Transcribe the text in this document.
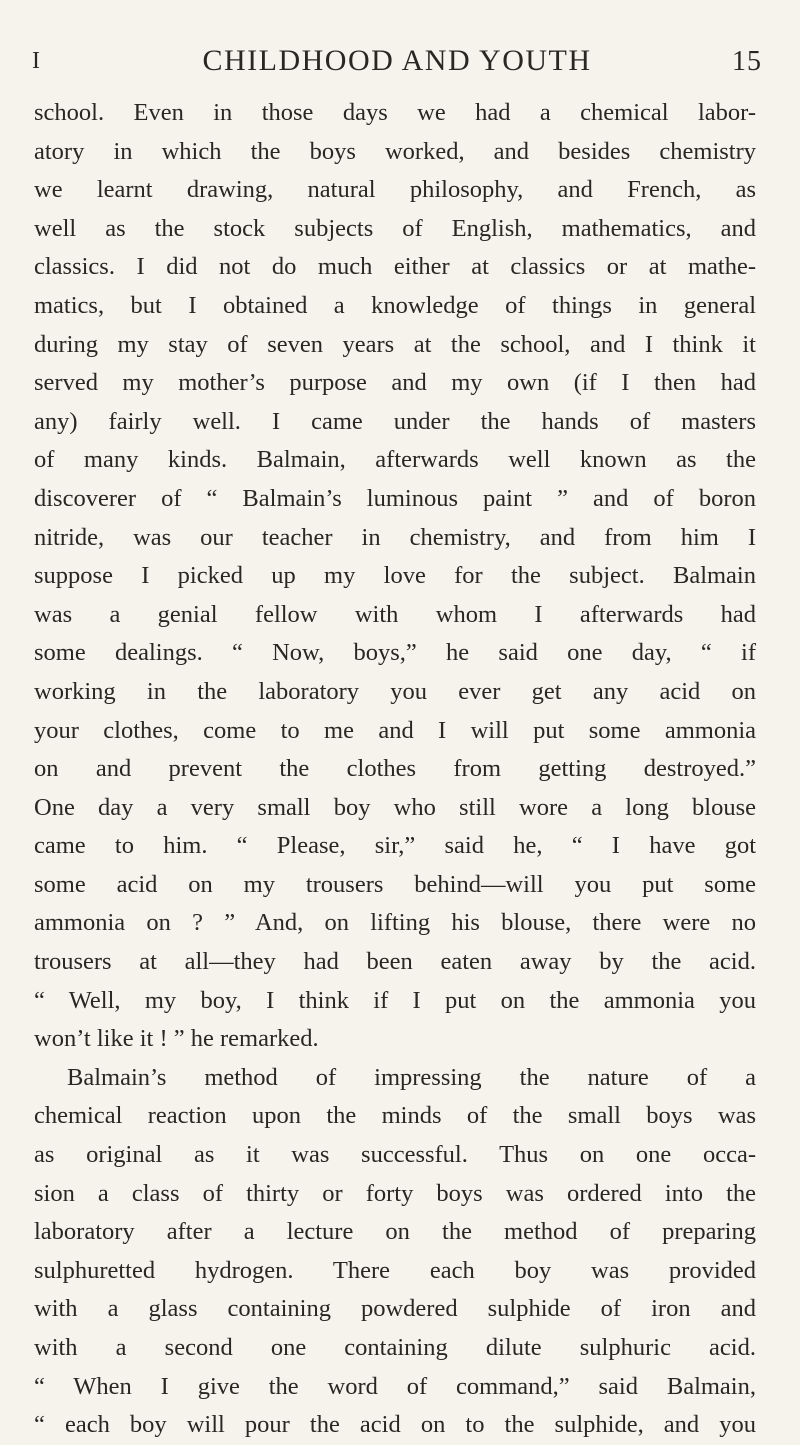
I	CHILDHOOD AND YOUTH	15
school. Even in those days we had a chemical labor-
atory in which the boys worked, and besides chemistry
we learnt drawing, natural philosophy, and French, as
well as the stock subjects of English, mathematics, and
classics. I did not do much either at classics or at mathe-
matics, but I obtained a knowledge of things in general
during my stay of seven years at the school, and I think it
served my mother’s purpose and my own (if I then had
any) fairly well. I came under the hands of masters
of many kinds. Balmain, afterwards well known as the
discoverer of “ Balmain’s luminous paint ” and of boron
nitride, was our teacher in chemistry, and from him I
suppose I picked up my love for the subject. Balmain
was a genial fellow with whom I afterwards had
some dealings. “ Now, boys,” he said one day, “ if
working in the laboratory you ever get any acid on
your clothes, come to me and I will put some ammonia
on and prevent the clothes from getting destroyed.”
One day a very small boy who still wore a long blouse
came to him. “ Please, sir,” said he, “ I have got
some acid on my trousers behind—will you put some
ammonia on ? ” And, on lifting his blouse, there were no
trousers at all—they had been eaten away by the acid.
“ Well, my boy, I think if I put on the ammonia you
won’t like it ! ” he remarked.
Balmain’s method of impressing the nature of a
chemical reaction upon the minds of the small boys was
as original as it was successful. Thus on one occa-
sion a class of thirty or forty boys was ordered into the
laboratory after a lecture on the method of preparing
sulphuretted hydrogen. There each boy was provided
with a glass containing powdered sulphide of iron and
with a second one containing dilute sulphuric acid.
“ When I give the word of command,” said Balmain,
“ each boy will pour the acid on to the sulphide, and you
